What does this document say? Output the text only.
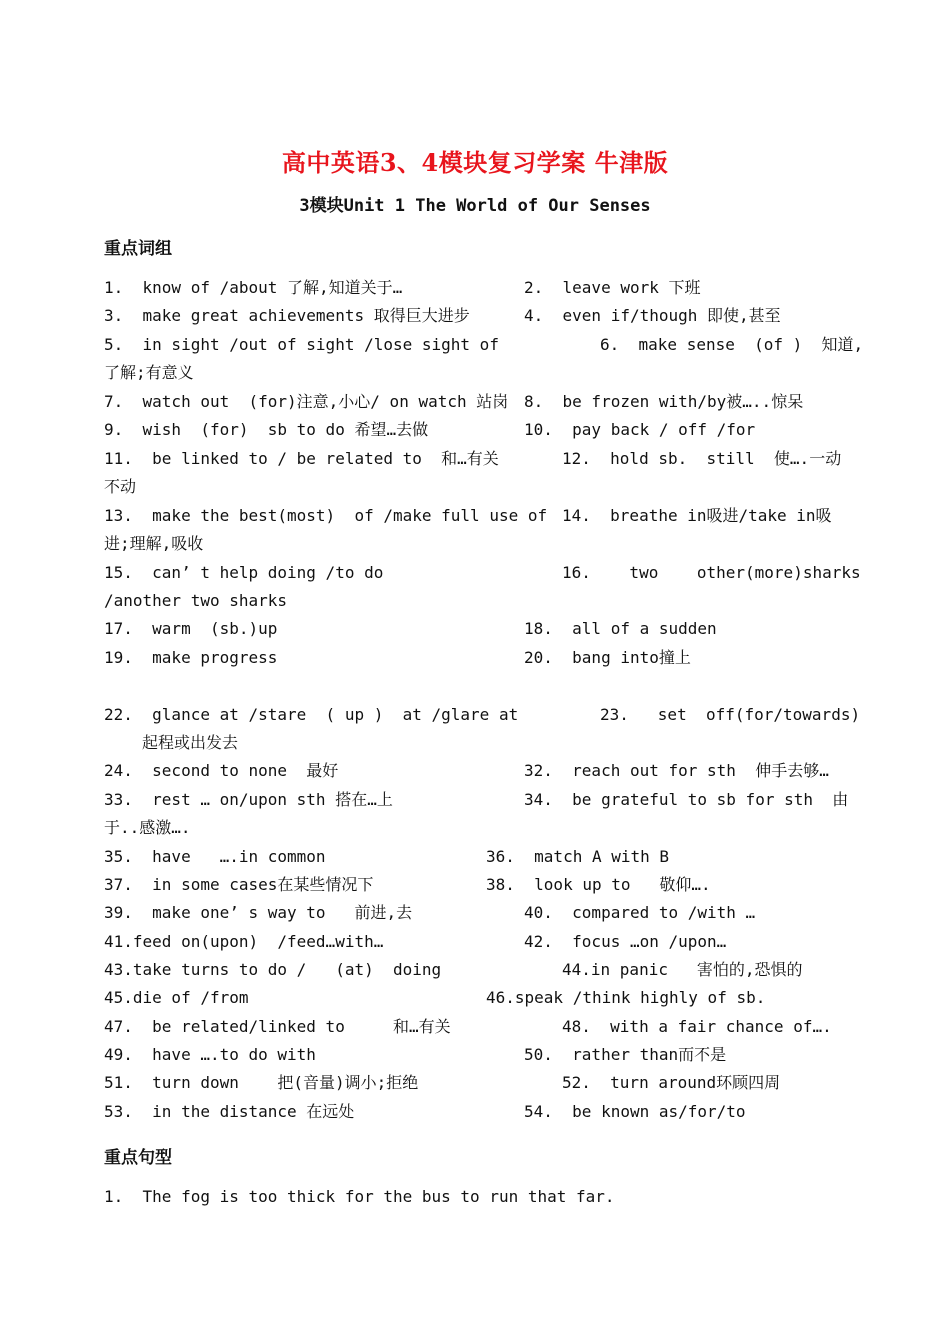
高中英语3、4模块复习学案 牛津版
3模块Unit 1 The World of Our Senses
重点词组
1.  know of /about 了解,知道关于…	2.  leave work 下班
3.  make great achievements 取得巨大进步	4.  even if/though 即使,甚至
5.  in sight /out of sight /lose sight of	6.  make sense  (of )  知道,
了解;有意义
7.  watch out  (for)注意,小心/ on watch 站岗 8.  be frozen with/by被…..惊呆
9.  wish  (for)  sb to do 希望…去做	10.  pay back / off /for
11.  be linked to / be related to  和…有关	12.  hold sb.  still  使….一动
不动
13.  make the best(most)  of /make full use of 14.  breathe in吸进/take in吸
进;理解,吸收
15.  can’ t help doing /to do	16.    two    other(more)sharks
/another two sharks
17.  warm  (sb.)up	18.  all of a sudden
19.  make progress	20.  bang into撞上
22.  glance at /stare  ( up )  at /glare at	23.   set  off(for/towards)
起程或出发去
24.  second to none  最好	32.  reach out for sth  伸手去够…
33.  rest … on/upon sth 搭在…上	34.  be grateful to sb for sth  由
于..感激….
35.  have   ….in common	36.  match A with B
37.  in some cases在某些情况下	38.  look up to   敬仰….
39.  make one’ s way to   前进,去	40.  compared to /with …
41.feed on(upon)  /feed…with…	42.  focus …on /upon…
43.take turns to do /   (at)  doing	44.in panic   害怕的,恐惧的
45.die of /from	46.speak /think highly of sb.
47.  be related/linked to     和…有关	48.  with a fair chance of….
49.  have ….to do with	50.  rather than而不是
51.  turn down    把(音量)调小;拒绝	52.  turn around环顾四周
53.  in the distance 在远处	54.  be known as/for/to
重点句型
1.  The fog is too thick for the bus to run that far.
